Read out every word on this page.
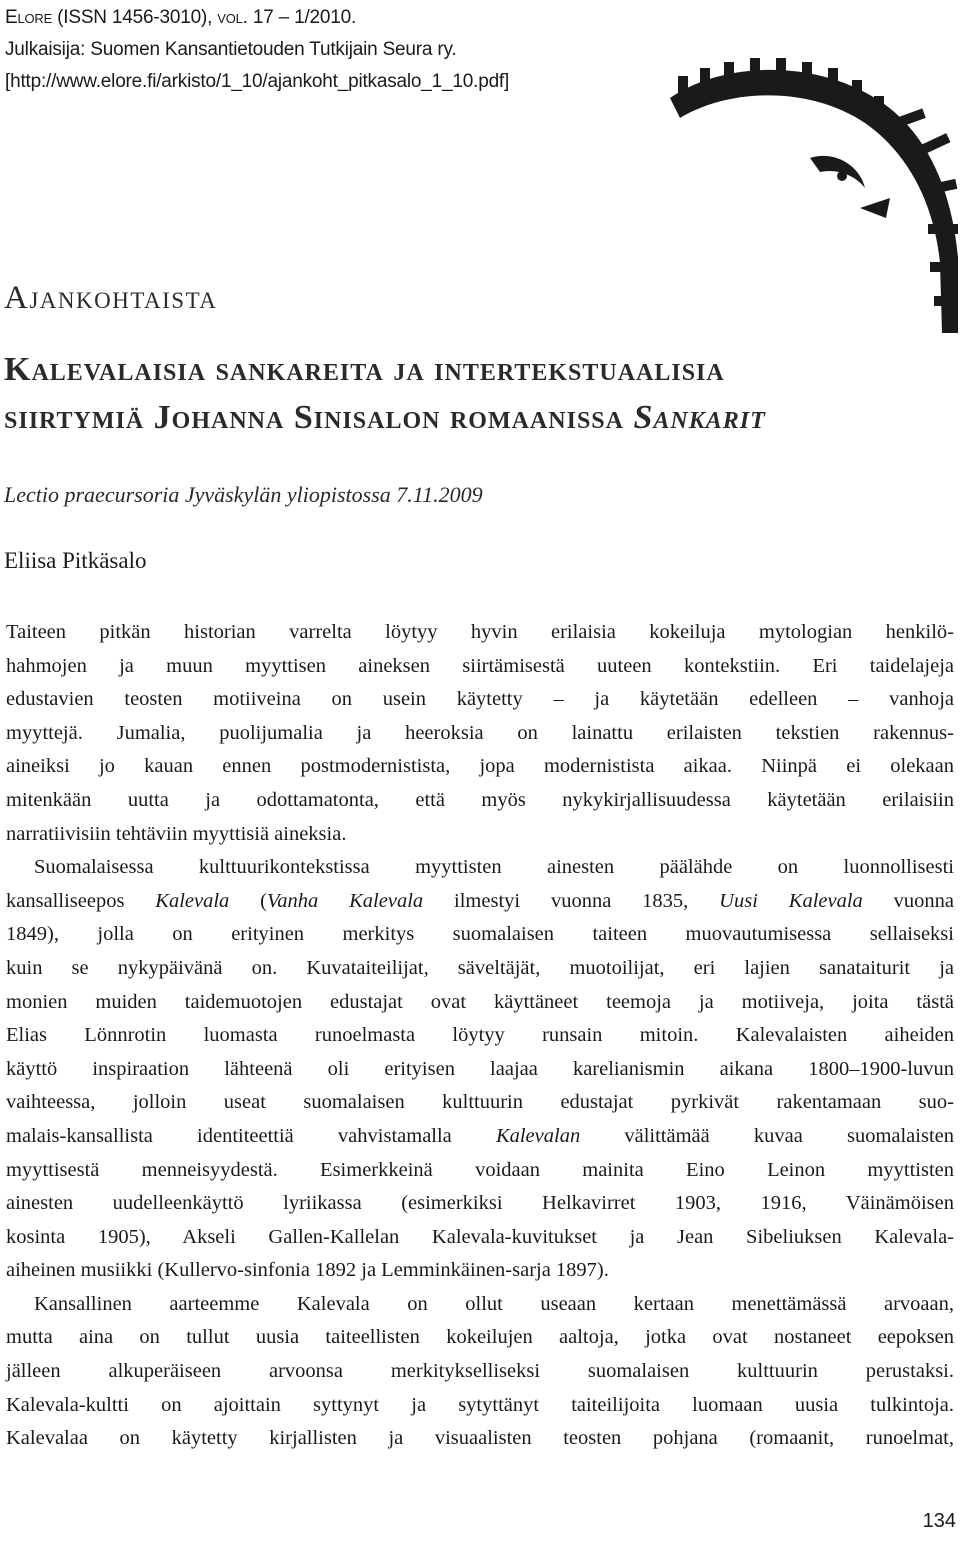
Elore (ISSN 1456-3010), vol. 17 – 1/2010.
Julkaisija: Suomen Kansantietouden Tutkijain Seura ry.
[http://www.elore.fi/arkisto/1_10/ajankoht_pitkasalo_1_10.pdf]
Ajankohtaista
Kalevalaisia sankareita ja intertekstuaalisia
siirtymiä Johanna Sinisalon romaanissa Sankarit
Lectio praecursoria Jyväskylän yliopistossa 7.11.2009
Eliisa Pitkäsalo
Taiteen pitkän historian varrelta löytyy hyvin erilaisia kokeiluja mytologian henkilö-
hahmojen ja muun myyttisen aineksen siirtämisestä uuteen kontekstiin. Eri taidelajeja
edustavien teosten motiiveina on usein käytetty – ja käytetään edelleen – vanhoja
myyttejä. Jumalia, puolijumalia ja heeroksia on lainattu erilaisten tekstien rakennus-
aineiksi jo kauan ennen postmodernistista, jopa modernistista aikaa. Niinpä ei olekaan
mitenkään uutta ja odottamatonta, että myös nykykirjallisuudessa käytetään erilaisiin
narratiivisiin tehtäviin myyttisiä aineksia.
Suomalaisessa kulttuurikontekstissa myyttisten ainesten päälähde on luonnollisesti
kansalliseepos Kalevala (Vanha Kalevala ilmestyi vuonna 1835, Uusi Kalevala vuonna
1849), jolla on erityinen merkitys suomalaisen taiteen muovautumisessa sellaiseksi
kuin se nykypäivänä on. Kuvataiteilijat, säveltäjät, muotoilijat, eri lajien sanataiturit ja
monien muiden taidemuotojen edustajat ovat käyttäneet teemoja ja motiiveja, joita tästä
Elias Lönnrotin luomasta runoelmasta löytyy runsain mitoin. Kalevalaisten aiheiden
käyttö inspiraation lähteenä oli erityisen laajaa karelianismin aikana 1800–1900-luvun
vaihteessa, jolloin useat suomalaisen kulttuurin edustajat pyrkivät rakentamaan suo-
malais-kansallista identiteettiä vahvistamalla Kalevalan välittämää kuvaa suomalaisten
myyttisestä menneisyydestä. Esimerkkeinä voidaan mainita Eino Leinon myyttisten
ainesten uudelleenkäyttö lyriikassa (esimerkiksi Helkavirret 1903, 1916, Väinämöisen
kosinta 1905), Akseli Gallen-Kallelan Kalevala-kuvitukset ja Jean Sibeliuksen Kalevala-
aiheinen musiikki (Kullervo-sinfonia 1892 ja Lemminkäinen-sarja 1897).
Kansallinen aarteemme Kalevala on ollut useaan kertaan menettämässä arvoaan,
mutta aina on tullut uusia taiteellisten kokeilujen aaltoja, jotka ovat nostaneet eepoksen
jälleen alkuperäiseen arvoonsa merkitykselliseksi suomalaisen kulttuurin perustaksi.
Kalevala-kultti on ajoittain syttynyt ja sytyttänyt taiteilijoita luomaan uusia tulkintoja.
Kalevalaa on käytetty kirjallisten ja visuaalisten teosten pohjana (romaanit, runoelmat,
134
